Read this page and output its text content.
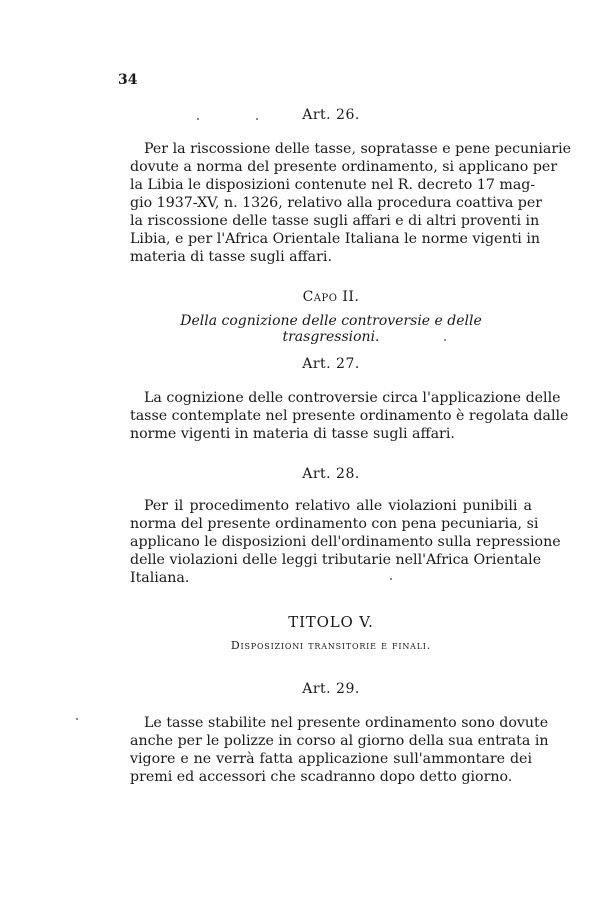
34
Art. 26.
Per la riscossione delle tasse, sopratasse e pene pecuniarie
dovute a norma del presente ordinamento, si applicano per
la Libia le disposizioni contenute nel R. decreto 17 mag-
gio 1937-XV, n. 1326, relativo alla procedura coattiva per
la riscossione delle tasse sugli affari e di altri proventi in
Libia, e per l'Africa Orientale Italiana le norme vigenti in
materia di tasse sugli affari.
Capo II.
Della cognizione delle controversie e delle trasgressioni.
Art. 27.
La cognizione delle controversie circa l'applicazione delle
tasse contemplate nel presente ordinamento è regolata dalle
norme vigenti in materia di tasse sugli affari.
Art. 28.
Per il procedimento relativo alle violazioni punibili a
norma del presente ordinamento con pena pecuniaria, si
applicano le disposizioni dell'ordinamento sulla repressione
delle violazioni delle leggi tributarie nell'Africa Orientale
Italiana.
TITOLO V.
Disposizioni transitorie e finali.
Art. 29.
Le tasse stabilite nel presente ordinamento sono dovute
anche per le polizze in corso al giorno della sua entrata in
vigore e ne verrà fatta applicazione sull'ammontare dei
premi ed accessori che scadranno dopo detto giorno.
